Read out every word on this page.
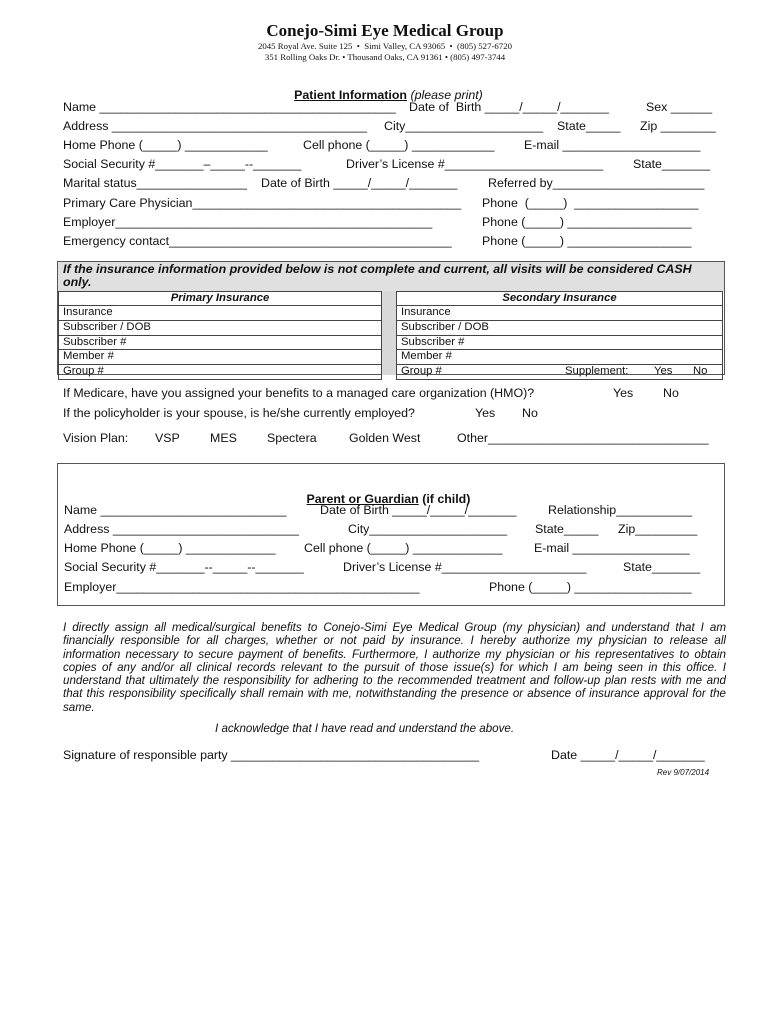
Conejo-Simi Eye Medical Group
2045 Royal Ave. Suite 125  •  Simi Valley, CA 93065  •  (805) 527-6720
351 Rolling Oaks Dr. • Thousand Oaks, CA 91361 • (805) 497-3744

Patient Information (please print)

Name ___________________________________________ Date of  Birth _____/_____/_______	Sex ______
Address _____________________________________ City____________________ State_____ Zip ________
Home Phone (_____) ____________	Cell phone (_____) ____________ E-mail ____________________
Social Security #_______–_____--_______	Driver’s License #_______________________ State_______
Marital status________________ Date of Birth _____/_____/_______ Referred by______________________
Primary Care Physician_______________________________________ Phone  (_____)  __________________
Employer______________________________________________	Phone (_____) __________________
Emergency contact_________________________________________ Phone (_____) __________________
If the insurance information provided below is not complete and current, all visits will be considered CASH only.
Primary Insurance
Insurance
Subscriber / DOB
Subscriber #
Member #
Group #
Secondary Insurance
Insurance
Subscriber / DOB
Subscriber #
Member #
Group #	Supplement: Yes No
If Medicare, have you assigned your benefits to a managed care organization (HMO)?	Yes No
If the policyholder is your spouse, is he/she currently employed?	Yes No
Vision Plan: VSP MES Spectera	Golden West	Other________________________________

Parent or Guardian (if child)

Name ___________________________	Date of Birth _____/_____/_______	Relationship___________
Address ___________________________	City____________________ State_____ Zip_________
Home Phone (_____) _____________ Cell phone (_____) _____________	E-mail _________________
Social Security #_______--_____--_______	Driver’s License #_____________________	State_______
Employer____________________________________________	Phone (_____) _________________
I directly assign all medical/surgical benefits to Conejo-Simi Eye Medical Group (my physician) and understand that I am financially responsible for all charges, whether or not paid by insurance. I hereby authorize my physician to release all information necessary to secure payment of benefits. Furthermore, I authorize my physician or his representatives to obtain copies of any and/or all clinical records relevant to the pursuit of those issue(s) for which I am being seen in this office. I understand that ultimately the responsibility for adhering to the recommended treatment and follow-up plan rests with me and that this responsibility specifically shall remain with me, notwithstanding the presence or absence of insurance approval for the same.
I acknowledge that I have read and understand the above.
Signature of responsible party ____________________________________	Date _____/_____/_______
Rev 9/07/2014
